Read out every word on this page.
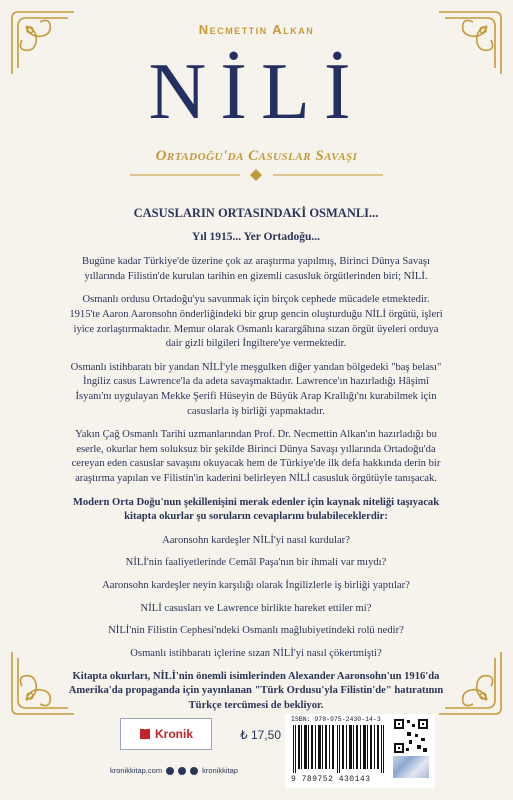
Necmettin Alkan
NİLİ
Ortadoğu'da Casuslar Savaşı

CASUSLARIN ORTASINDAKİ OSMANLI...

Yıl 1915... Yer Ortadoğu...

Bugüne kadar Türkiye'de üzerine çok az araştırma yapılmış, Birinci Dünya Savaşı yıllarında Filistin'de kurulan tarihin en gizemli casusluk örgütlerinden biri; NİLİ.

Osmanlı ordusu Ortadoğu'yu savunmak için birçok cephede mücadele etmektedir. 1915'te Aaron Aaronsohn önderliğindeki bir grup gencin oluşturduğu NİLİ örgütü, işleri iyice zorlaştırmaktadır. Memur olarak Osmanlı karargâhına sızan örgüt üyeleri orduya dair gizli bilgileri İngiltere'ye vermektedir.

Osmanlı istihbaratı bir yandan NİLİ'yle meşgulken diğer yandan bölgedeki "baş belası" İngiliz casus Lawrence'la da adeta savaşmaktadır. Lawrence'ın hazırladığı Hâşimî İsyanı'nı uygulayan Mekke Şerifi Hüseyin de Büyük Arap Krallığı'nı kurabilmek için casuslarla iş birliği yapmaktadır.

Yakın Çağ Osmanlı Tarihi uzmanlarından Prof. Dr. Necmettin Alkan'ın hazırladığı bu eserle, okurlar hem soluksuz bir şekilde Birinci Dünya Savaşı yıllarında Ortadoğu'da cereyan eden casuslar savaşını okuyacak hem de Türkiye'de ilk defa hakkında derin bir araştırma yapılan ve Filistin'in kaderini belirleyen NİLİ casusluk örgütüyle tanışacak.

Modern Orta Doğu'nun şekillenişini merak edenler için kaynak niteliği taşıyacak kitapta okurlar şu soruların cevaplarını bulabileceklerdir:

Aaronsohn kardeşler NİLİ'yi nasıl kurdular?

NİLİ'nin faaliyetlerinde Cemâl Paşa'nın bir ihmali var mıydı?

Aaronsohn kardeşler neyin karşılığı olarak İngilizlerle iş birliği yaptılar?

NİLİ casusları ve Lawrence birlikte hareket ettiler mi?

NİLİ'nin Filistin Cephesi'ndeki Osmanlı mağlubiyetindeki rolü nedir?

Osmanlı istihbaratı içlerine sızan NİLİ'yi nasıl çökertmişti?

Kitapta okurları, NİLİ'nin önemli isimlerinden Alexander Aaronsohn'un 1916'da Amerika'da propaganda için yayınlanan "Türk Ordusu'yla Filistin'de" hatıratının Türkçe tercümesi de bekliyor.

Kronik	₺ 17,50
kronikkitap.com	kronikkitap
ISBN: 978-975-2430-14-3
9 789752 430143
